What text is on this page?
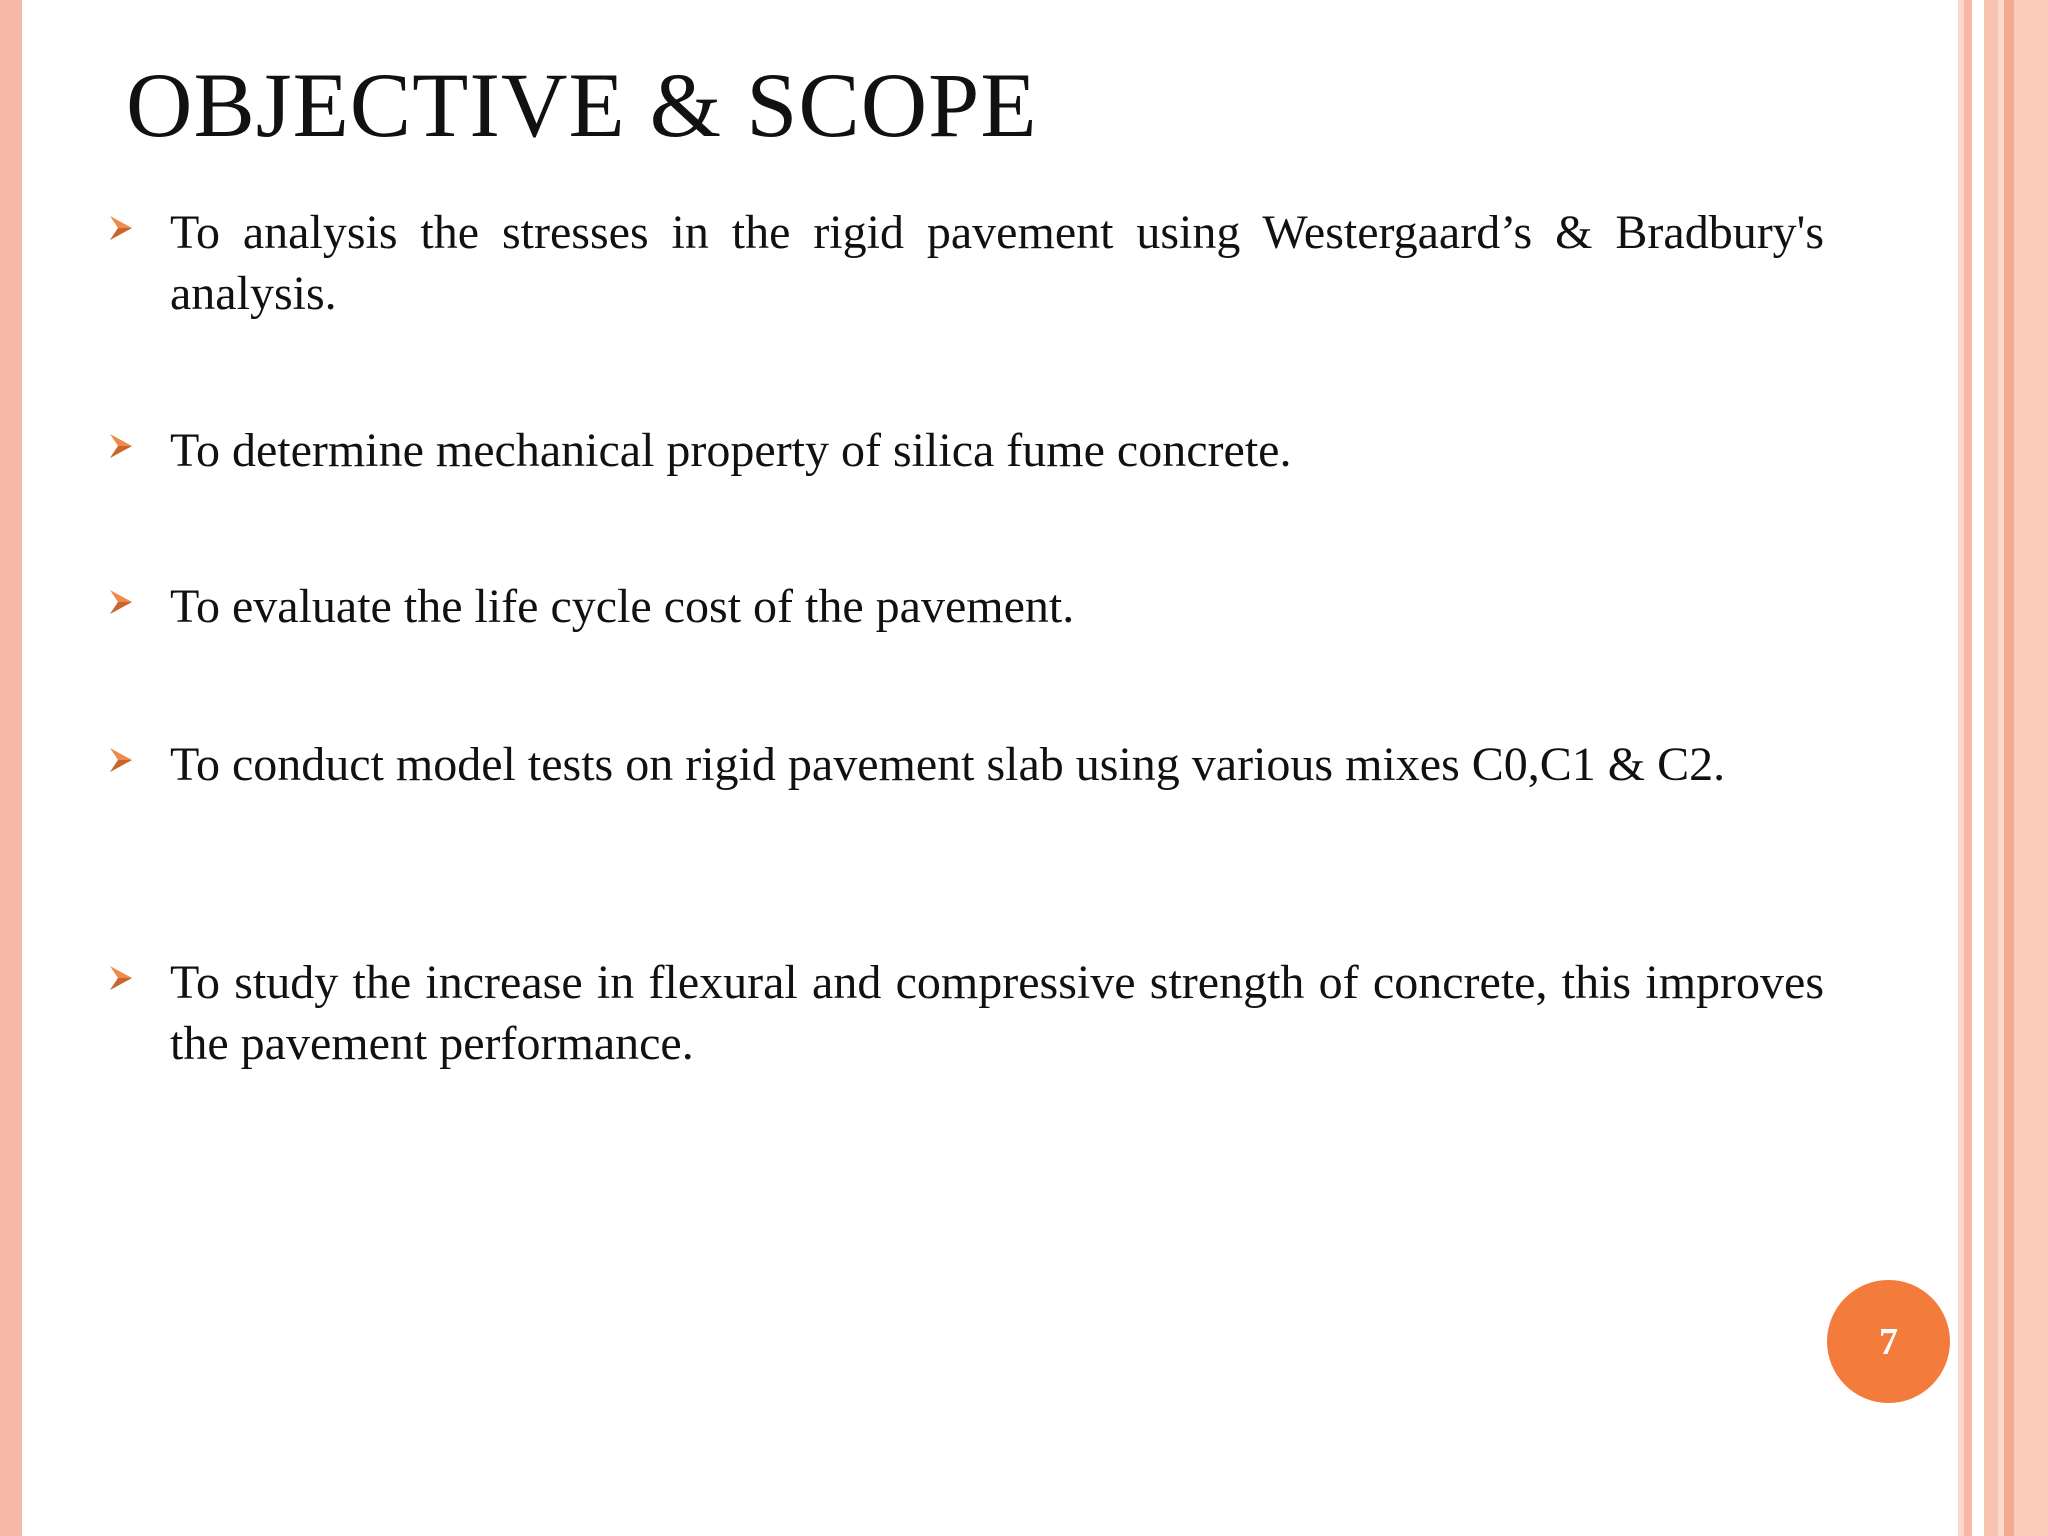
OBJECTIVE & SCOPE

To analysis the stresses in the rigid pavement using Westergaard’s & Bradbury's analysis.

To determine mechanical property of silica fume concrete.

To evaluate the life cycle cost of the pavement.

To conduct model tests on rigid pavement slab using various mixes C0,C1 & C2.

To study the increase in flexural and compressive strength of concrete, this improves the pavement performance.

7
